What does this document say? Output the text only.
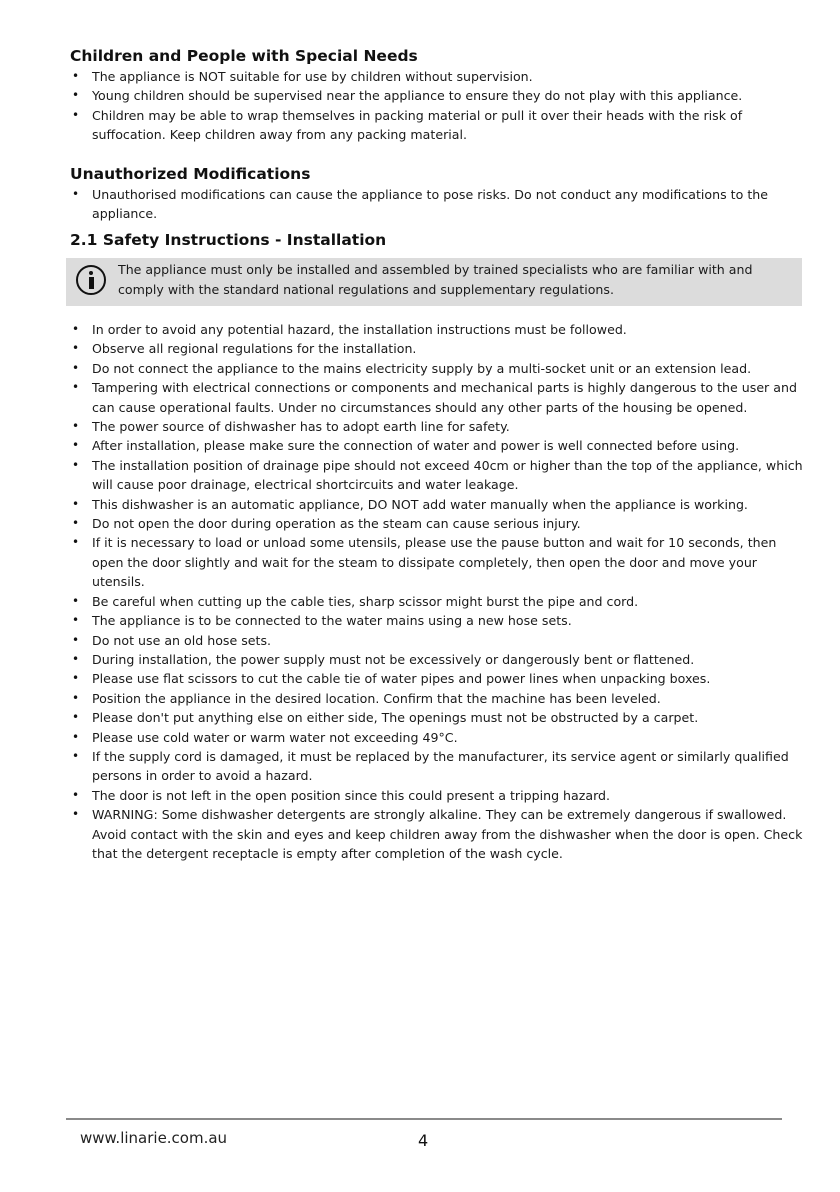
Children and People with Special Needs
• The appliance is NOT suitable for use by children without supervision.
• Young children should be supervised near the appliance to ensure they do not play with this appliance.
• Children may be able to wrap themselves in packing material or pull it over their heads with the risk of suffocation. Keep children away from any packing material.
Unauthorized Modifications
• Unauthorised modifications can cause the appliance to pose risks. Do not conduct any modifications to the appliance.
2.1 Safety Instructions - Installation
The appliance must only be installed and assembled by trained specialists who are familiar with and comply with the standard national regulations and supplementary regulations.
• In order to avoid any potential hazard, the installation instructions must be followed.
• Observe all regional regulations for the installation.
• Do not connect the appliance to the mains electricity supply by a multi-socket unit or an extension lead.
• Tampering with electrical connections or components and mechanical parts is highly dangerous to the user and can cause operational faults. Under no circumstances should any other parts of the housing be opened.
• The power source of dishwasher has to adopt earth line for safety.
• After installation, please make sure the connection of water and power is well connected before using.
• The installation position of drainage pipe should not exceed 40cm or higher than the top of the appliance, which will cause poor drainage, electrical shortcircuits and water leakage.
• This dishwasher is an automatic appliance, DO NOT add water manually when the appliance is working.
• Do not open the door during operation as the steam can cause serious injury.
• If it is necessary to load or unload some utensils, please use the pause button and wait for 10 seconds, then open the door slightly and wait for the steam to dissipate completely, then open the door and move your utensils.
• Be careful when cutting up the cable ties, sharp scissor might burst the pipe and cord.
• The appliance is to be connected to the water mains using a new hose sets.
• Do not use an old hose sets.
• During installation, the power supply must not be excessively or dangerously bent or flattened.
• Please use flat scissors to cut the cable tie of water pipes and power lines when unpacking boxes.
• Position the appliance in the desired location. Confirm that the machine has been leveled.
• Please don't put anything else on either side, The openings must not be obstructed by a carpet.
• Please use cold water or warm water not exceeding 49°C.
• If the supply cord is damaged, it must be replaced by the manufacturer, its service agent or similarly qualified persons in order to avoid a hazard.
• The door is not left in the open position since this could present a tripping hazard.
• WARNING: Some dishwasher detergents are strongly alkaline. They can be extremely dangerous if swallowed. Avoid contact with the skin and eyes and keep children away from the dishwasher when the door is open. Check that the detergent receptacle is empty after completion of the wash cycle.
www.linarie.com.au	4
